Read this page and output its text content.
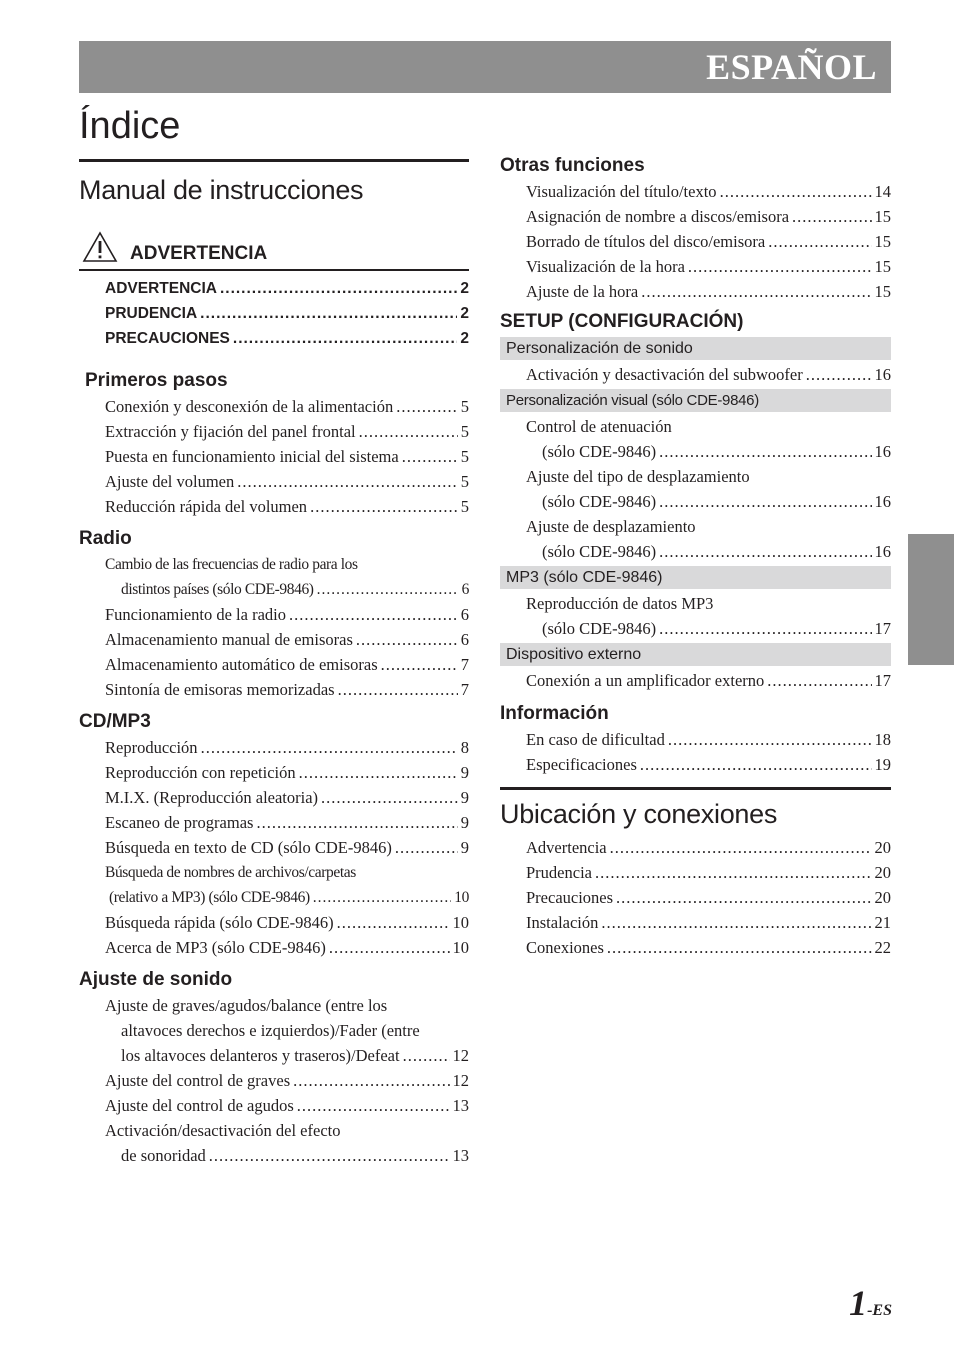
ESPAÑOL
Índice
Manual de instrucciones
ADVERTENCIA
ADVERTENCIA .....	2
PRUDENCIA .....	2
PRECAUCIONES .....	2
Primeros pasos
Conexión y desconexión de la alimentación .....	5
Extracción y fijación del panel frontal .....	5
Puesta en funcionamiento inicial del sistema .....	5
Ajuste del volumen .....	5
Reducción rápida del volumen .....	5
Radio
Cambio de las frecuencias de radio para los
distintos países (sólo CDE-9846) .....	6
Funcionamiento de la radio .....	6
Almacenamiento manual de emisoras .....	6
Almacenamiento automático de emisoras .....	7
Sintonía de emisoras memorizadas .....	7
CD/MP3
Reproducción .....	8
Reproducción con repetición .....	9
M.I.X. (Reproducción aleatoria) .....	9
Escaneo de programas .....	9
Búsqueda en texto de CD (sólo CDE-9846) .....	9
Búsqueda de nombres de archivos/carpetas
(relativo a MP3) (sólo CDE-9846) .....	10
Búsqueda rápida (sólo CDE-9846) .....	10
Acerca de MP3 (sólo CDE-9846) .....	10
Ajuste de sonido
Ajuste de graves/agudos/balance (entre los
altavoces derechos e izquierdos)/Fader (entre
los altavoces delanteros y traseros)/Defeat .....	12
Ajuste del control de graves .....	12
Ajuste del control de agudos .....	13
Activación/desactivación del efecto
de sonoridad .....	13
Otras funciones
Visualización del título/texto .....	14
Asignación de nombre a discos/emisora .....	15
Borrado de títulos del disco/emisora .....	15
Visualización de la hora .....	15
Ajuste de la hora .....	15
SETUP (CONFIGURACIÓN)
Personalización de sonido
Activación y desactivación del subwoofer .....	16
Personalización visual (sólo CDE-9846)
Control de atenuación
(sólo CDE-9846) .....	16
Ajuste del tipo de desplazamiento
(sólo CDE-9846) .....	16
Ajuste de desplazamiento
(sólo CDE-9846) .....	16
MP3 (sólo CDE-9846)
Reproducción de datos MP3
(sólo CDE-9846) .....	17
Dispositivo externo
Conexión a un amplificador externo .....	17
Información
En caso de dificultad .....	18
Especificaciones .....	19
Ubicación y conexiones
Advertencia .....	20
Prudencia .....	20
Precauciones .....	20
Instalación .....	21
Conexiones .....	22
1-ES
